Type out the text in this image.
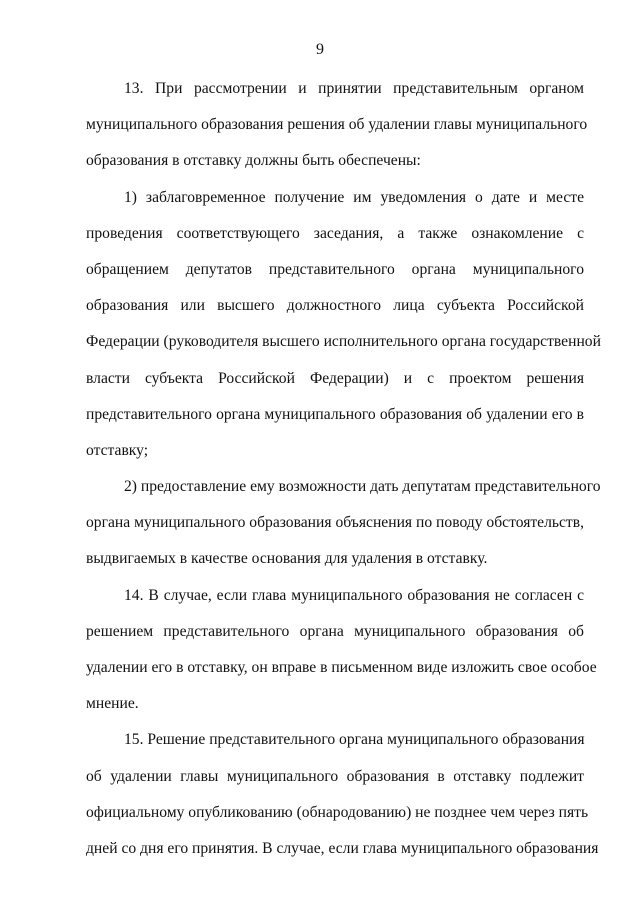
9
13. При рассмотрении и принятии представительным органом
муниципального образования решения об удалении главы муниципального
образования в отставку должны быть обеспечены:
1) заблаговременное получение им уведомления о дате и месте
проведения соответствующего заседания, а также ознакомление с
обращением депутатов представительного органа муниципального
образования или высшего должностного лица субъекта Российской
Федерации (руководителя высшего исполнительного органа государственной
власти субъекта Российской Федерации) и с проектом решения
представительного органа муниципального образования об удалении его в
отставку;
2) предоставление ему возможности дать депутатам представительного
органа муниципального образования объяснения по поводу обстоятельств,
выдвигаемых в качестве основания для удаления в отставку.
14. В случае, если глава муниципального образования не согласен с
решением представительного органа муниципального образования об
удалении его в отставку, он вправе в письменном виде изложить свое особое
мнение.
15. Решение представительного органа муниципального образования
об удалении главы муниципального образования в отставку подлежит
официальному опубликованию (обнародованию) не позднее чем через пять
дней со дня его принятия. В случае, если глава муниципального образования
